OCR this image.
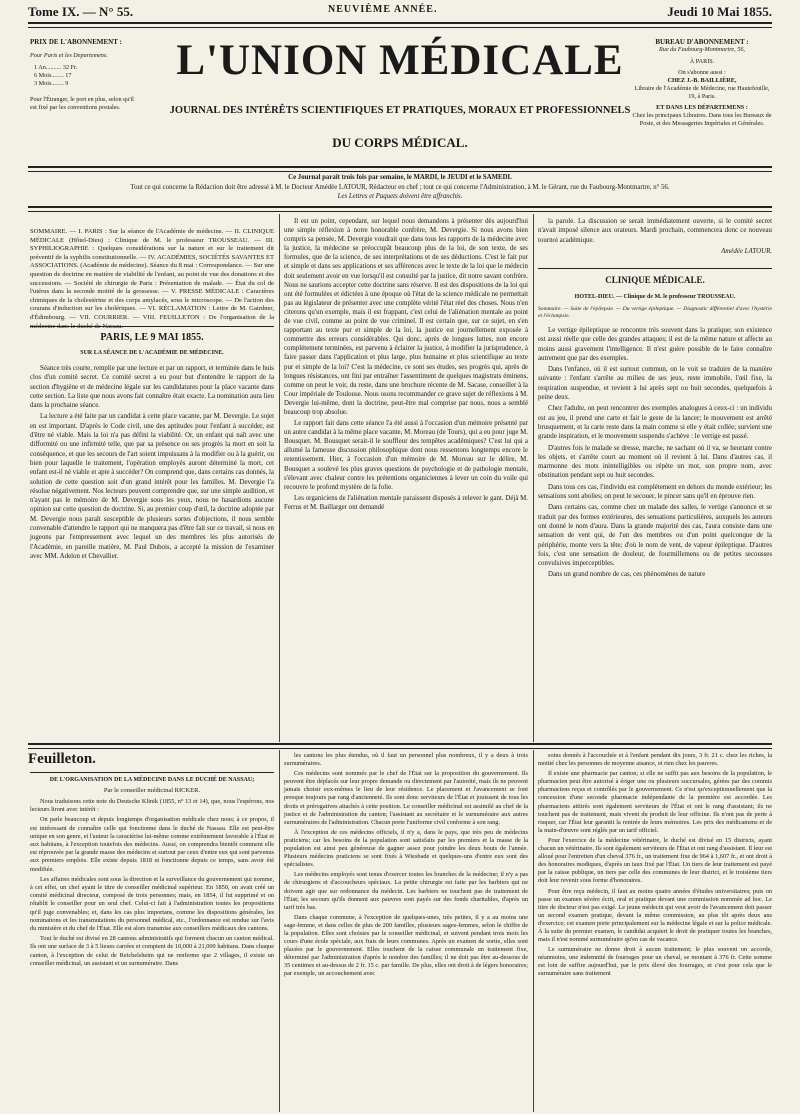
Tome IX. — N° 55.	NEUVIÈME ANNÉE.	Jeudi 10 Mai 1855.
PRIX DE L'ABONNEMENT :
Pour Paris et les Departemens.
1 An.......... 32 Fr.
6 Mois........ 17
3 Mois........ 9
Pour l'Étranger, le port en plus, selon qu'il est fixé par les conventions postales.
L'UNION MÉDICALE
JOURNAL DES INTÉRÊTS SCIENTIFIQUES ET PRATIQUES, MORAUX ET PROFESSIONNELS
DU CORPS MÉDICAL.
BUREAU D'ABONNEMENT :
Rue du Faubourg-Montmartre, 56,
À PARIS.
On s'abonne aussi :
CHEZ J.-B. BAILLIÈRE,
Libraire de l'Académie de Médecine, rue Hautefeuille, 19, à Paris.
ET DANS LES DÉPARTEMENS :
Chez les principaux Libraires. Dans tous les Bureaux de Poste, et des Messageries Impériales et Générales.
Ce Journal paraît trois fois par semaine, le MARDI, le JEUDI et le SAMEDI.
Tout ce qui concerne la Rédaction doit être adressé à M. le Docteur Amédée LATOUR, Rédacteur en chef ; tout ce qui concerne l'Administration, à M. le Gérant, rue du Faubourg-Montmartre, n° 56.
Les Lettres et Paquets doivent être affranchis.
SOMMAIRE. — I. PARIS : Sur la séance de l'Académie de médecine. — II. CLINIQUE MÉDICALE (Hôtel-Dieu) : Clinique de M. le professeur TROUSSEAU. — III. SYPHILIOGRAPHIE : Quelques considérations sur la nature et sur le traitement dit préventif de la syphilis constitutionnelle. — IV. ACADÉMIES, SOCIÉTÉS SAVANTES ET ASSOCIATIONS. (Académie de médecine). Séance du 8 mai : Correspondance. — Sur une question de doctrine en matière de viabilité de l'enfant, au point de vue des donations et des successions. — Société de chirurgie de Paris : Présentation de malade. — État du col de l'utérus dans la seconde moitié de la grossesse. — V. PRESSE MÉDICALE : Caractères chimiques de la cholestérine et des corps amylacés, sous le microscope. — De l'action des courans d'induction sur les cholériques. — VI. RÉCLAMATION : Lettre de M. Gairdner, d'Édimbourg. — VII. COURRIER. — VIII. FEUILLETON : De l'organisation de la médecine dans le duché de Nassau.
PARIS, LE 9 MAI 1855.
SUR LA SÉANCE DE L'ACADÉMIE DE MÉDECINE.

Séance très courte, remplie par une lecture et par un rapport, et terminée dans le huis clos d'un comité secret. Ce comité secret a eu pour but d'entendre le rapport de la section d'hygiène et de médecine légale sur les candidatures pour la place vacante dans cette section. La liste que nous avons fait connaître était exacte. La nomination aura lieu dans la prochaine séance.

La lecture a été faite par un candidat à cette place vacante, par M. Devergie. Le sujet en est important. D'après le Code civil, une des aptitudes pour l'enfant à succéder, est d'être né viable. Mais la loi n'a pas défini la viabilité. Or, un enfant qui naît avec une difformité ou une infirmité telle, que par sa présence ou ses progrès la mort en soit la conséquence, et que les secours de l'art soient impuissans à la modifier ou à la guérir, ou bien pour laquelle le traitement, l'opération employés auront déterminé la mort, cet enfant est-il né viable et apte à succéder? On comprend que, dans certains cas donnés, la solution de cette question soit d'un grand intérêt pour les familles. M. Devergie l'a résolue négativement. Nos lecteurs peuvent comprendre que, sur une simple audition, et n'ayant pas le mémoire de M. Devergie sous les yeux, nous ne hasardions aucune opinion sur cette question de doctrine. Si, au premier coup d'œil, la doctrine adoptée par M. Devergie nous paraît susceptible de plusieurs sortes d'objections, il nous semble convenable d'attendre le rapport qui ne manquera pas d'être fait sur ce travail, si nous en jugeons par l'empressement avec lequel un des membres les plus autorisés de l'Académie, en pareille matière, M. Paul Dubois, a accepté la mission de l'examiner avec MM. Adelon et Chevallier.

Il est un point, cependant, sur lequel nous demandons à présenter dès aujourd'hui une simple réflexion à notre honorable confrère, M. Devergie. Si nous avons bien compris sa pensée, M. Devergie voudrait que dans tous les rapports de la médecine avec la justice, la médecine se préoccupât beaucoup plus de la loi, de son texte, de ses formules, que de la science, de ses interprétations et de ses déductions. C'est le fait pur et simple et dans ses applications et ses afférences avec le texte de la loi que le médecin doit seulement avoir en vue lorsqu'il est consulté par la justice, dit notre savant confrère. Nous ne saurions accepter cette doctrine sans réserve. Il est des dispositions de la loi qui ont été formulées et édictées à une époque où l'état de la science médicale ne permettait pas au législateur de présenter avec une complète vérité l'état réel des choses. Nous n'en citerons qu'un exemple, mais il est frappant, c'est celui de l'aliénation mentale au point de vue civil, comme au point de vue criminel. Il est certain que, sur ce sujet, en s'en rapportant au texte pur et simple de la loi, la justice est journellement exposée à commettre des erreurs considérables. Qui donc, après de longues luttes, non encore complètement terminées, est parvenu à éclairer la justice, à modifier la jurisprudence, à faire passer dans l'application et plus large, plus humaine et plus scientifique au texte pur et simple de la loi? C'est la médecine, ce sont ses études, ses progrès qui, après de longues résistances, ont fini par entraîner l'assentiment de quelques magistrats éminens, comme on peut le voir, du reste, dans une brochure récente de M. Sacase, conseiller à la Cour impériale de Toulouse. Nous osons recommander ce grave sujet de réflexions à M. Devergie lui-même, dont la doctrine, peut-être mal comprise par nous, nous a semblé beaucoup trop absolue.

Le rapport fait dans cette séance l'a été aussi à l'occasion d'un mémoire présenté par un autre candidat à la même place vacante, M. Moreau (de Tours), qui a eu pour juge M. Bousquet. M. Bousquet serait-il le souffleur des tempêtes académiques? C'est lui qui a allumé la fameuse discussion philosophique dont nous ressentons longtemps encore le retentissement. Hier, à l'occasion d'un mémoire de M. Moreau sur le délire, M. Bousquet a soulevé les plus graves questions de psychologie et de pathologie mentale, s'élevant avec chaleur contre les prétentions organiciennes à lever un coin du voile qui recouvre le profond mystère de la folie.

Les organiciens de l'aliénation mentale paraissent disposés à relever le gant. Déjà M. Ferrus et M. Baillarger ont demandé

la parole. La discussion se serait immédiatement ouverte, si le comité secret n'avait imposé silence aux orateurs. Mardi prochain, commencera donc ce nouveau tournoi académique.

Amédée LATOUR.
CLINIQUE MÉDICALE.
HOTEL-DIEU. — Clinique de M. le professeur TROUSSEAU.
Sommaire. — Suite de l'épilepsie. — Du vertige épileptique. — Diagnostic différentiel d'avec l'hystérie et l'éclampsie.

Le vertige épileptique se rencontre très souvent dans la pratique; son existence est aussi réelle que celle des grandes attaques; il est de la même nature et affecte au moins aussi gravement l'intelligence. Il n'est guère possible de le faire connaître autrement que par des exemples.

Dans l'enfance, où il est surtout commun, on le voit se traduire de la manière suivante : l'enfant s'arrête au milieu de ses jeux, reste immobile, l'œil fixe, la respiration suspendue, et revient à lui après sept ou huit secondes, quelquefois à peine deux.

Chez l'adulte, on peut rencontrer des exemples analogues à ceux-ci : un individu est au jeu, il prend une carte et fait le geste de la lancer; le mouvement est arrêté brusquement, et la carte reste dans la main comme si elle y était collée; survient une grande inspiration, et le mouvement suspendu s'achève : le vertige est passé.

D'autres fois le malade se dresse, marche, ne sachant où il va, se heurtant contre les objets, et s'arrête court au moment où il revient à lui. Dans d'autres cas, il marmonne des mots inintelligibles ou répète un mot, son propre nom, avec obstination pendant sept ou huit secondes.

Dans tous ces cas, l'individu est complètement en dehors du monde extérieur; les sensations sont abolies; on peut le secouer, le pincer sans qu'il en éprouve rien.

Dans certains cas, comme chez un malade des salles, le vertige s'annonce et se traduit par des formes extérieures, des sensations particulières, auxquels les auteurs ont donné le nom d'aura. Dans la grande majorité des cas, l'aura consiste dans une sensation de vent qui, de l'un des membres ou d'un point quelconque de la périphérie, monte vers la tête; d'où le nom de vent, de vapeur épileptique. D'autres fois, c'est une sensation de douleur, de fourmillemens ou de petites secousses convulsives imperceptibles.

Dans un grand nombre de cas, ces phénomènes de nature

Feuilleton.
DE L'ORGANISATION DE LA MÉDECINE DANS LE DUCHÉ DE NASSAU;
Par le conseiller médicinal RICKER.

Nous traduisons cette note du Deutsche Klinik (1855, n° 13 et 14), que, nous l'espérons, nos lecteurs liront avec intérêt :

On parle beaucoup et depuis longtemps d'organisation médicale chez nous; à ce propos, il est intéressant de connaître celle qui fonctionne dans le duché de Nassau. Elle est peut-être unique en son genre, et l'auteur la caractérise lui-même comme extrêmement favorable à l'État et aux habitans, à l'exception toutefois des médecins. Aussi, on comprendra bientôt comment elle est réprouvée par la grande masse des médecins et surtout par ceux d'entre eux qui sont parvenus aux premiers emplois. Elle existe depuis 1818 et fonctionne depuis ce temps, sans avoir été modifiée.

Les affaires médicales sont sous la direction et la surveillance du gouvernement qui nomme, à cet effet, un chef ayant le titre de conseiller médicinal supérieur. En 1850, on avait créé un comité médicinal directeur, composé de trois personnes; mais, en 1854, il fut supprimé et on rétablit le conseiller pour un seul chef. Celui-ci fait à l'administration toutes les propositions qu'il juge convenables; et, dans les cas plus importans, comme les dispositions générales, les nominations et les transmutations du personnel médical, etc., l'ordonnance est rendue sur l'avis du ministère et du chef de l'État. Elle est alors transmise aux conseillers médicaux des cantons.

Tout le duché est divisé en 28 cantons administratifs qui forment chacun un canton médical. Ils ont une surface de 3 à 5 lieues carrées et comptent de 10,000 à 21,000 habitans. Dans chaque canton, à l'exception de celui de Reichelsheim qui ne renferme que 2 villages, il existe un conseiller médicinal, un assistant et un surnuméraire. Dans

les cantons les plus étendus, où il faut un personnel plus nombreux, il y a deux à trois surnuméraires.

Ces médecins sont nommés par le chef de l'État sur la proposition du gouvernement. Ils peuvent être déplacés sur leur propre demande ou directement par l'autorité, mais ils ne peuvent jamais choisir eux-mêmes le lieu de leur résidence. Le placement et l'avancement se font presque toujours par rang d'ancienneté. Ils sont donc serviteurs de l'État et jouissent de tous les droits et prérogatives attachés à cette position. Le conseiller médicinal est assimilé au chef de la justice et de l'administration du canton; l'assistant au secrétaire et le surnuméraire aux autres surnuméraires de l'administration. Chacun porte l'uniforme civil conforme à son rang.

À l'exception de ces médecins officiels, il n'y a, dans le pays, que très peu de médecins praticiens; car les besoins de la population sont satisfaits par les premiers et la masse de la population est ainsi peu généreuse de gagner assez pour joindre les deux bouts de l'année. Plusieurs médecins praticiens se sont fixés à Wiesbade et quelques-uns d'entre eux sont des spécialistes.

Les médecins employés sont tenus d'exercer toutes les branches de la médecine; il n'y a pas de chirurgiens et d'accoucheurs spéciaux. La petite chirurgie est faite par les barbiers qui ne doivent agir que sur ordonnance du médecin. Les barbiers ne touchent pas de traitement de l'État; les secours qu'ils donnent aux pauvres sont payés sur des fonds charitables, d'après un tarif très bas.

Dans chaque commune, à l'exception de quelques-unes, très petites, il y a au moins une sage-femme, et dans celles de plus de 200 familles, plusieurs sages-femmes, selon le chiffre de la population. Elles sont choisies par le conseiller médicinal, et suivent pendant trois mois les cours d'une école spéciale, aux frais de leurs communes. Après un examen de sortie, elles sont placées par le gouvernement. Elles touchent de la caisse communale un traitement fixe, déterminé par l'administration d'après le nombre des familles; il ne doit pas être au-dessous de 35 centimes et au-dessus de 2 fr. 15 c. par famille. De plus, elles ont droit à de légers honoraires; par exemple, un accouchement avec

soins donnés à l'accouchée et à l'enfant pendant dix jours, 3 fr. 21 c. chez les riches, la moitié chez les personnes de moyenne aisance, et rien chez les pauvres.

Il existe une pharmacie par canton; si elle ne suffit pas aux besoins de la population, le pharmacien peut être autorisé à ériger une ou plusieurs succursales, gérées par des commis pharmaciens reçus et contrôlés par le gouvernement. Ce n'est qu'exceptionnellement que la concession d'une seconde pharmacie indépendante de la première est accordée. Les pharmaciens attitrés sont également serviteurs de l'État et ont le rang d'assistant; ils ne touchent pas de traitement, mais vivent du produit de leur officine. Ils n'ont pas de perte à risquer, car l'État leur garantit la rentrée de leurs mémoires. Les prix des médicamens et de la main-d'œuvre sont réglés par un tarif officiel.

Pour l'exercice de la médecine vétérinaire, le duché est divisé en 15 districts, ayant chacun un vétérinaire. Ils sont également serviteurs de l'État et ont rang d'assistant. Il leur est alloué pour l'entretien d'un cheval 376 fr., un traitement fixe de 964 à 1,607 fr., et ont droit à des honoraires modiques, d'après un taux fixé par l'État. Un tiers de leur traitement est payé par la caisse publique, un tiers par celle des communes de leur district, et le troisième tiers doit leur revenir sous forme d'honoraires.

Pour être reçu médecin, il faut au moins quatre années d'études universitaires; puis on passe un examen sévère écrit, oral et pratique devant une commission nommée ad hoc. Le titre de docteur n'est pas exigé. Le jeune médecin qui veut avoir de l'avancement doit passer un second examen pratique, devant la même commission, au plus tôt après deux ans d'exercice; cet examen porte principalement sur la médecine légale et sur la police médicale. À la suite du premier examen, le candidat acquiert le droit de pratiquer toutes les branches, mais il n'est nommé surnuméraire qu'en cas de vacance.

Le surnuméraire ne donne droit à aucun traitement; le plus souvent on accorde, néanmoins, une indemnité de fourrages pour un cheval, se montant à 376 fr. Cette somme est loin de suffire aujourd'hui, par le prix élevé des fourrages, et c'est pour cela que le surnuméraire sans traitement
